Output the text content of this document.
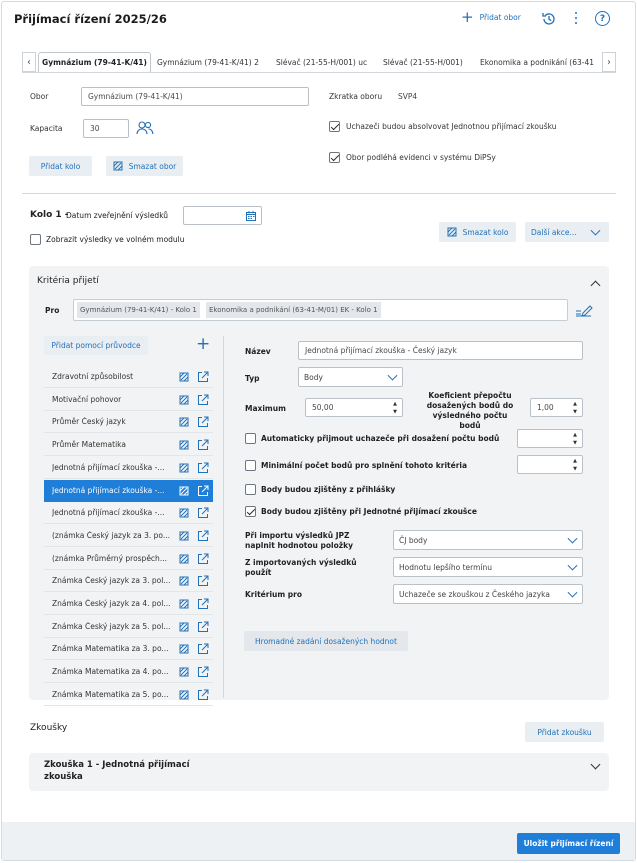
Přijímací řízení 2025/26	+ Přidat obor	?
‹	Gymnázium (79-41-K/41)	Gymnázium (79-41-K/41) 2 Slévač (21-55-H/001) uc Slévač (21-55-H/001) Ekonomika a podnikání (63-41	›
Obor	Gymnázium (79-41-K/41)	Zkratka oboru SVP4
Kapacita	30	Uchazeči budou absolvovat Jednotnou přijímací zkoušku
Obor podléhá evidenci v systému DiPSy
Přidat kolo	Smazat obor
Kolo 1 -
Datum zveřejnění výsledků
Zobrazit výsledky ve volném modulu
Smazat kolo	Další akce...
Kritéria přijetí
Pro	Gymnázium (79-41-K/41) - Kolo 1	Ekonomika a podnikání (63-41-M/01) EK - Kolo 1
Přidat pomocí průvodce	+
Zdravotní způsobilost
Motivační pohovor
Průměr Český jazyk
Průměr Matematika
Jednotná přijímací zkouška -...
Jednotná přijímací zkouška -...
Jednotná přijímací zkouška -...
(známka Český jazyk za 3. po...
(známka Průměrný prospěch...
Známka Český jazyk za 3. pol...
Známka Český jazyk za 4. pol...
Známka Český jazyk za 5. pol...
Známka Matematika za 3. po...
Známka Matematika za 4. po...
Známka Matematika za 5. po...
Název	Jednotná přijímací zkouška - Český jazyk
Typ	Body
Maximum	50,00	▲
▼
Koeficient přepočtu dosažených bodů do výsledného počtu bodů
1,00	▲
▼
Automaticky přijmout uchazeče při dosažení počtu bodů	▲
▼
Minimální počet bodů pro splnění tohoto kritéria	▲
▼
Body budou zjištěny z přihlášky
Body budou zjištěny při Jednotné přijímací zkoušce
Při importu výsledků JPZ naplnit hodnotou položky
ČJ body
Z importovaných výsledků použít
Hodnotu lepšího termínu
Kritérium pro	Uchazeče se zkouškou z Českého jazyka
Hromadné zadání dosažených hodnot
Zkoušky	Přidat zkoušku
Zkouška 1 - Jednotná přijímací zkouška
Uložit přijímací řízení
